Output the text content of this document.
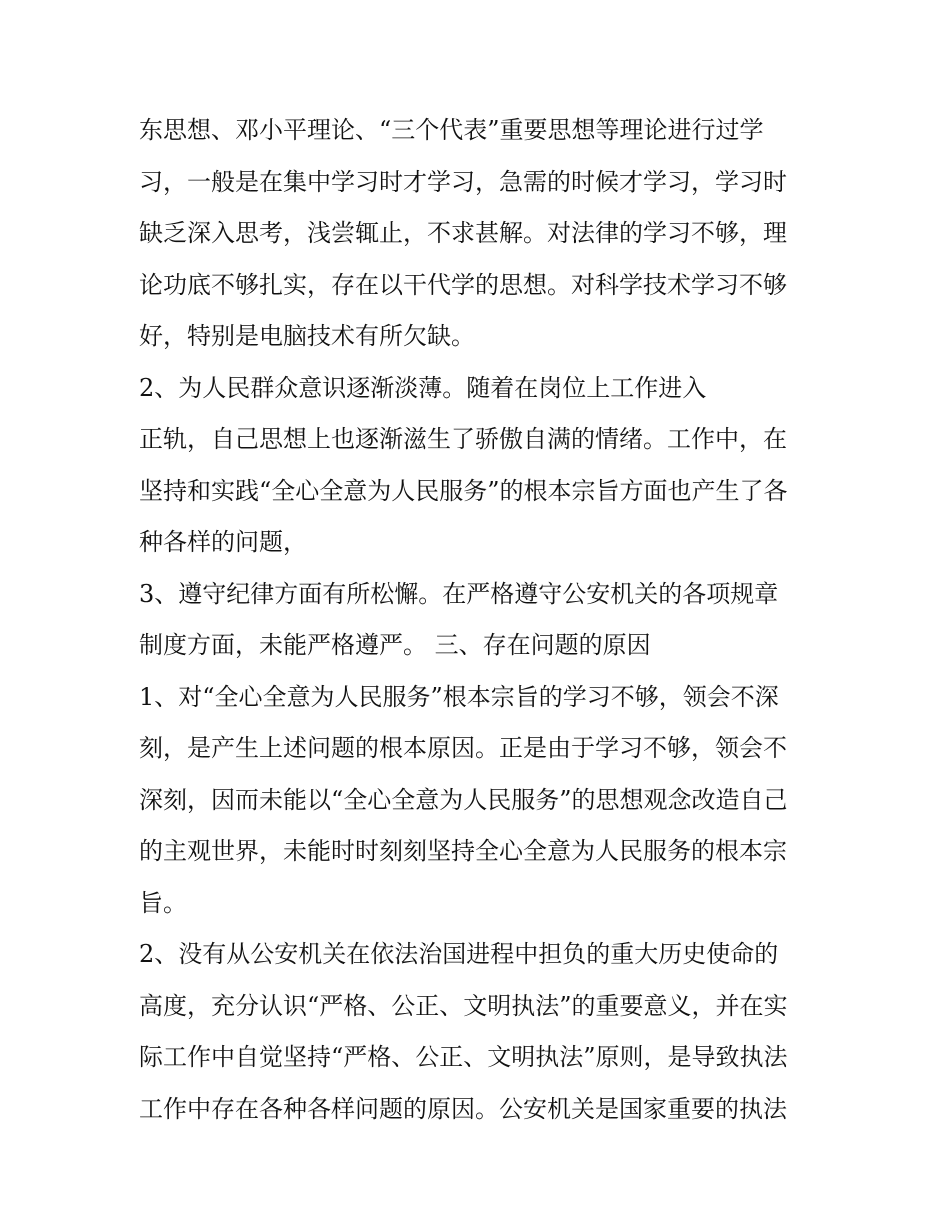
东思想、邓小平理论、“三个代表”重要思想等理论进行过学
习，一般是在集中学习时才学习，急需的时候才学习，学习时
缺乏深入思考，浅尝辄止，不求甚解。对法律的学习不够，理
论功底不够扎实，存在以干代学的思想。对科学技术学习不够
好，特别是电脑技术有所欠缺。
2、为人民群众意识逐渐淡薄。随着在岗位上工作进入
正轨，自己思想上也逐渐滋生了骄傲自满的情绪。工作中，在
坚持和实践“全心全意为人民服务”的根本宗旨方面也产生了各
种各样的问题，
3、遵守纪律方面有所松懈。在严格遵守公安机关的各项规章
制度方面，未能严格遵严。 三、存在问题的原因
1、对“全心全意为人民服务”根本宗旨的学习不够，领会不深
刻，是产生上述问题的根本原因。正是由于学习不够，领会不
深刻，因而未能以“全心全意为人民服务”的思想观念改造自己
的主观世界，未能时时刻刻坚持全心全意为人民服务的根本宗
旨。
2、没有从公安机关在依法治国进程中担负的重大历史使命的
高度，充分认识“严格、公正、文明执法”的重要意义，并在实
际工作中自觉坚持“严格、公正、文明执法”原则，是导致执法
工作中存在各种各样问题的原因。公安机关是国家重要的执法
